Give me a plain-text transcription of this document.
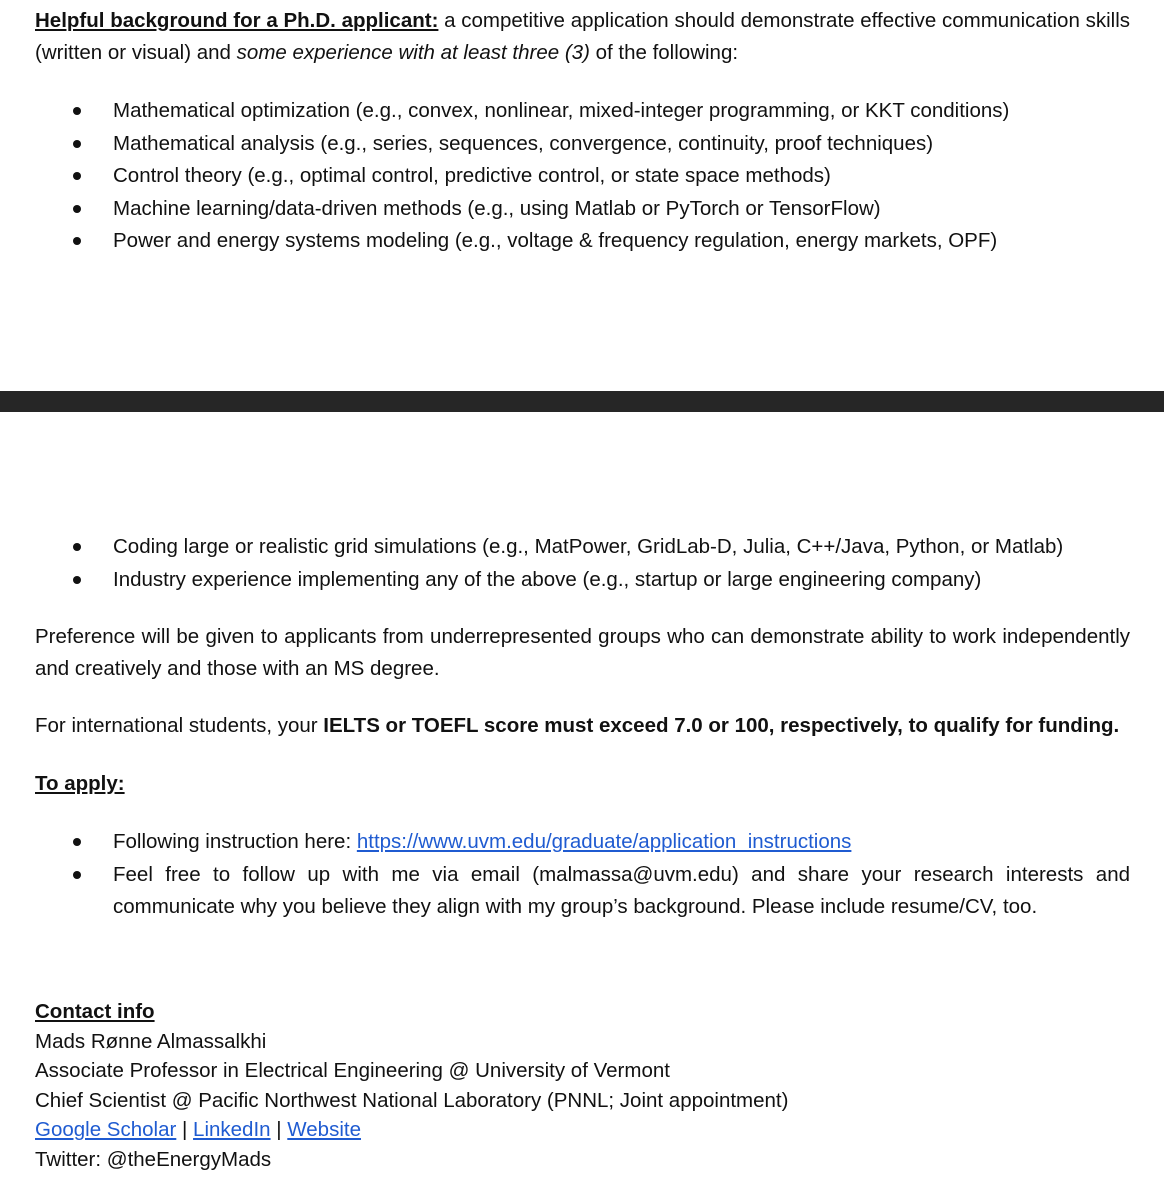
Helpful background for a Ph.D. applicant: a competitive application should demonstrate effective communication skills (written or visual) and some experience with at least three (3) of the following:

Mathematical optimization (e.g., convex, nonlinear, mixed-integer programming, or KKT conditions)
Mathematical analysis (e.g., series, sequences, convergence, continuity, proof techniques)
Control theory (e.g., optimal control, predictive control, or state space methods)
Machine learning/data-driven methods (e.g., using Matlab or PyTorch or TensorFlow)
Power and energy systems modeling (e.g., voltage & frequency regulation, energy markets, OPF)
Coding large or realistic grid simulations (e.g., MatPower, GridLab-D, Julia, C++/Java, Python, or Matlab)
Industry experience implementing any of the above (e.g., startup or large engineering company)

Preference will be given to applicants from underrepresented groups who can demonstrate ability to work independently and creatively and those with an MS degree.

For international students, your IELTS or TOEFL score must exceed 7.0 or 100, respectively, to qualify for funding.

To apply:

Following instruction here: https://www.uvm.edu/graduate/application_instructions
Feel free to follow up with me via email (malmassa@uvm.edu) and share your research interests and
communicate why you believe they align with my group’s background. Please include resume/CV, too.

Contact info

Mads Rønne Almassalkhi

Associate Professor in Electrical Engineering @ University of Vermont

Chief Scientist @ Pacific Northwest National Laboratory (PNNL; Joint appointment)

Google Scholar | LinkedIn | Website

Twitter: @theEnergyMads
